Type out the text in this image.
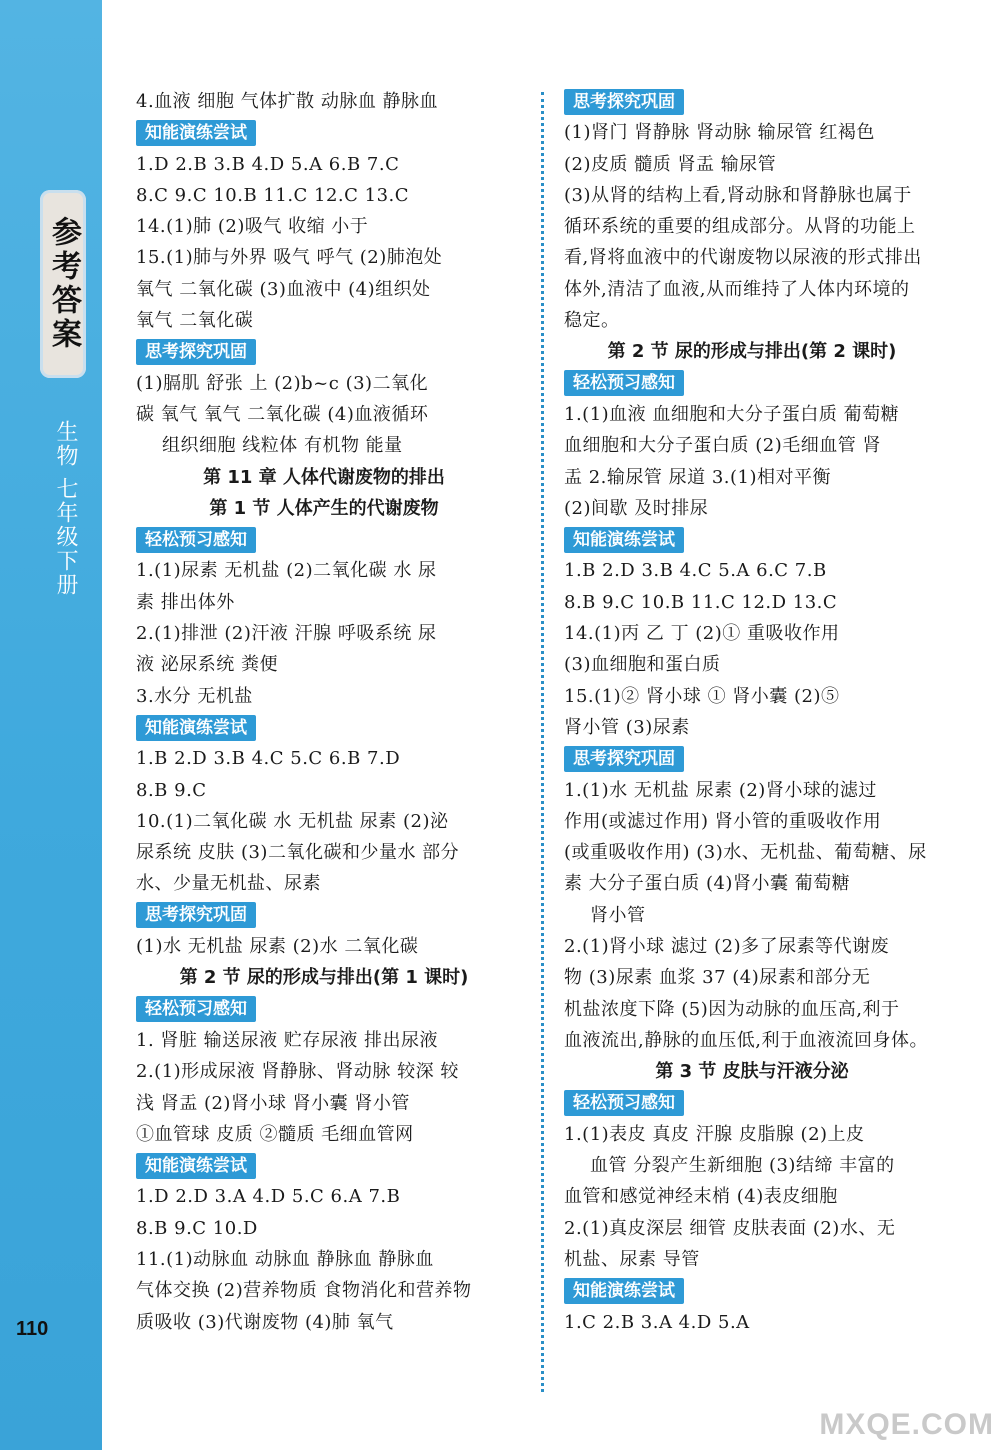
参考答案
生物 七年级下册
110
4.血液 细胞 气体扩散 动脉血 静脉血
知能演练尝试
1.D 2.B 3.B 4.D 5.A 6.B 7.C
8.C 9.C 10.B 11.C 12.C 13.C
14.(1)肺 (2)吸气 收缩 小于
15.(1)肺与外界 吸气 呼气 (2)肺泡处
氧气 二氧化碳 (3)血液中 (4)组织处
氧气 二氧化碳
思考探究巩固
(1)膈肌 舒张 上 (2)b~c (3)二氧化
碳 氧气 氧气 二氧化碳 (4)血液循环
组织细胞 线粒体 有机物 能量
第 11 章 人体代谢废物的排出
第 1 节 人体产生的代谢废物
轻松预习感知
1.(1)尿素 无机盐 (2)二氧化碳 水 尿
素 排出体外
2.(1)排泄 (2)汗液 汗腺 呼吸系统 尿
液 泌尿系统 粪便
3.水分 无机盐
知能演练尝试
1.B 2.D 3.B 4.C 5.C 6.B 7.D
8.B 9.C
10.(1)二氧化碳 水 无机盐 尿素 (2)泌
尿系统 皮肤 (3)二氧化碳和少量水 部分
水、少量无机盐、尿素
思考探究巩固
(1)水 无机盐 尿素 (2)水 二氧化碳
第 2 节 尿的形成与排出(第 1 课时)
轻松预习感知
1. 肾脏 输送尿液 贮存尿液 排出尿液
2.(1)形成尿液 肾静脉、肾动脉 较深 较
浅 肾盂 (2)肾小球 肾小囊 肾小管
①血管球 皮质 ②髓质 毛细血管网
知能演练尝试
1.D 2.D 3.A 4.D 5.C 6.A 7.B
8.B 9.C 10.D
11.(1)动脉血 动脉血 静脉血 静脉血
气体交换 (2)营养物质 食物消化和营养物
质吸收 (3)代谢废物 (4)肺 氧气
思考探究巩固
(1)肾门 肾静脉 肾动脉 输尿管 红褐色
(2)皮质 髓质 肾盂 输尿管
(3)从肾的结构上看,肾动脉和肾静脉也属于
循环系统的重要的组成部分。从肾的功能上
看,肾将血液中的代谢废物以尿液的形式排出
体外,清洁了血液,从而维持了人体内环境的
稳定。
第 2 节 尿的形成与排出(第 2 课时)
轻松预习感知
1.(1)血液 血细胞和大分子蛋白质 葡萄糖
血细胞和大分子蛋白质 (2)毛细血管 肾
盂 2.输尿管 尿道 3.(1)相对平衡
(2)间歇 及时排尿
知能演练尝试
1.B 2.D 3.B 4.C 5.A 6.C 7.B
8.B 9.C 10.B 11.C 12.D 13.C
14.(1)丙 乙 丁 (2)① 重吸收作用
(3)血细胞和蛋白质
15.(1)② 肾小球 ① 肾小囊 (2)⑤
肾小管 (3)尿素
思考探究巩固
1.(1)水 无机盐 尿素 (2)肾小球的滤过
作用(或滤过作用) 肾小管的重吸收作用
(或重吸收作用) (3)水、无机盐、葡萄糖、尿
素 大分子蛋白质 (4)肾小囊 葡萄糖
肾小管
2.(1)肾小球 滤过 (2)多了尿素等代谢废
物 (3)尿素 血浆 37 (4)尿素和部分无
机盐浓度下降 (5)因为动脉的血压高,利于
血液流出,静脉的血压低,利于血液流回身体。
第 3 节 皮肤与汗液分泌
轻松预习感知
1.(1)表皮 真皮 汗腺 皮脂腺 (2)上皮
血管 分裂产生新细胞 (3)结缔 丰富的
血管和感觉神经末梢 (4)表皮细胞
2.(1)真皮深层 细管 皮肤表面 (2)水、无
机盐、尿素 导管
知能演练尝试
1.C 2.B 3.A 4.D 5.A
MXQE.COM
